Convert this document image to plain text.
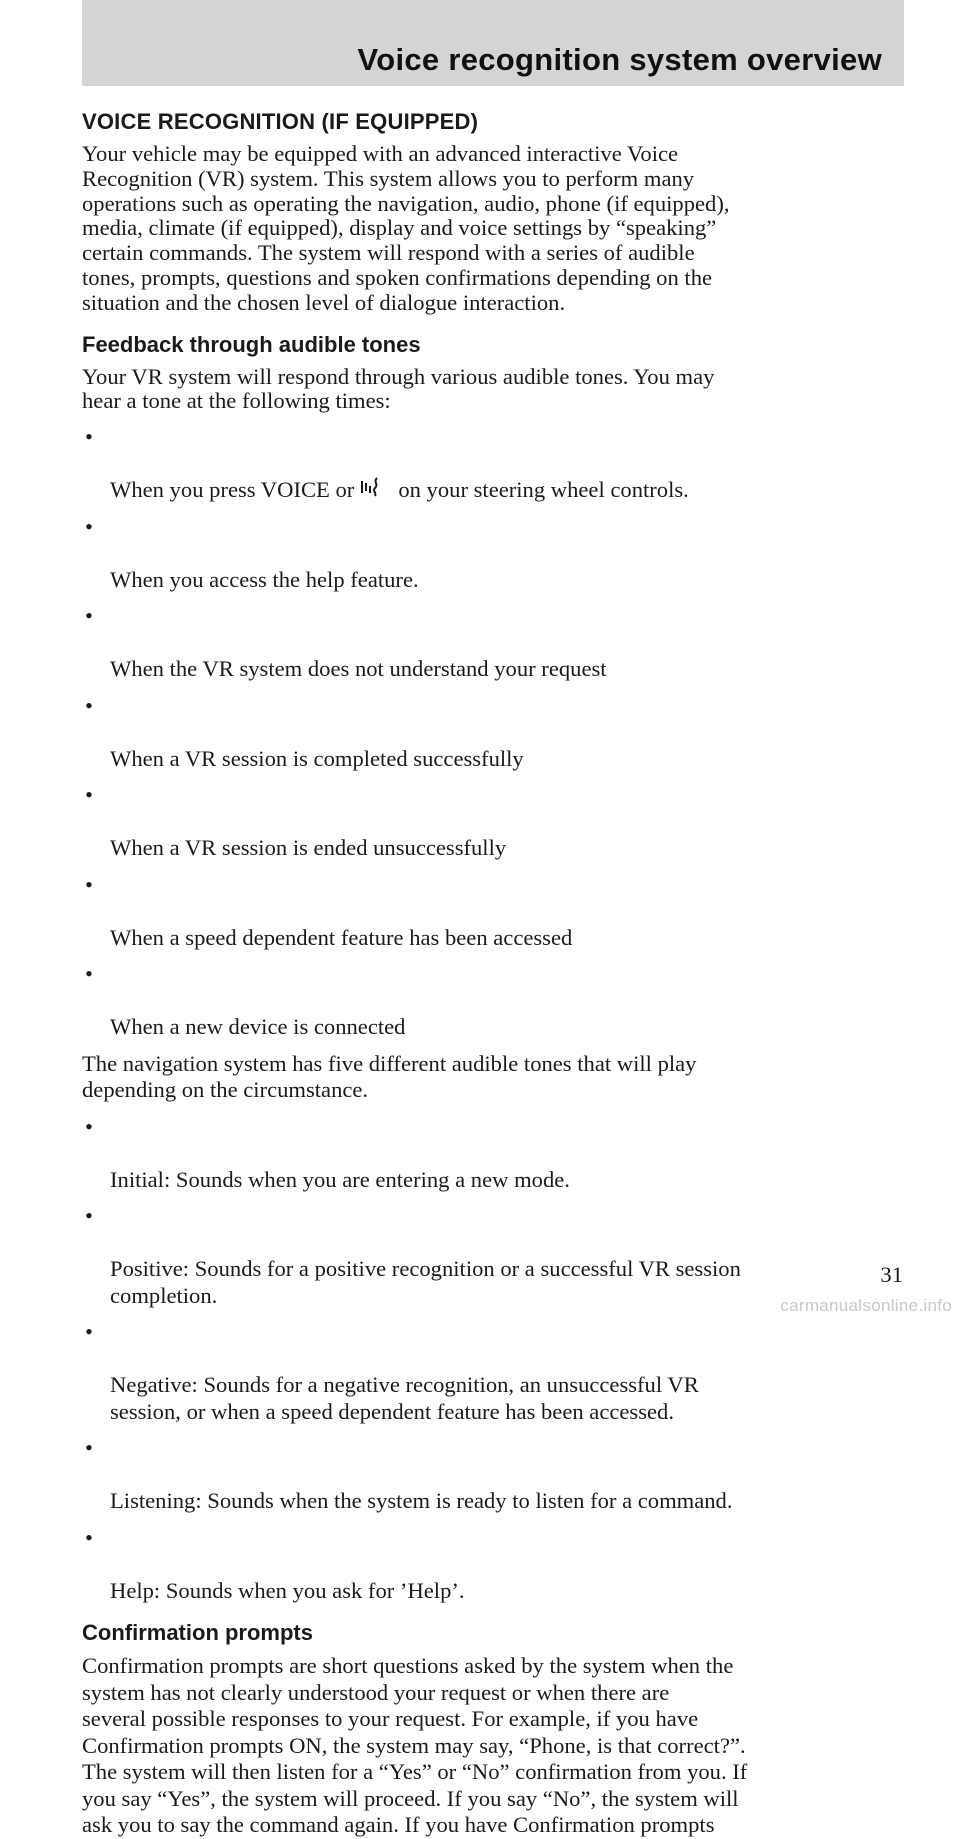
Voice recognition system overview
VOICE RECOGNITION (IF EQUIPPED)

Your vehicle may be equipped with an advanced interactive Voice
Recognition (VR) system. This system allows you to perform many
operations such as operating the navigation, audio, phone (if equipped),
media, climate (if equipped), display and voice settings by “speaking”
certain commands. The system will respond with a series of audible
tones, prompts, questions and spoken confirmations depending on the
situation and the chosen level of dialogue interaction.

Feedback through audible tones

Your VR system will respond through various audible tones. You may
hear a tone at the following times:

•

When you press VOICE or on your steering wheel controls.

•

When you access the help feature.

•

When the VR system does not understand your request

•

When a VR session is completed successfully

•

When a VR session is ended unsuccessfully

•

When a speed dependent feature has been accessed

•

When a new device is connected

The navigation system has five different audible tones that will play
depending on the circumstance.

•

Initial: Sounds when you are entering a new mode.

•

Positive: Sounds for a positive recognition or a successful VR session
completion.

•

Negative: Sounds for a negative recognition, an unsuccessful VR
session, or when a speed dependent feature has been accessed.

•

Listening: Sounds when the system is ready to listen for a command.

•

Help: Sounds when you ask for ’Help’.

Confirmation prompts

Confirmation prompts are short questions asked by the system when the
system has not clearly understood your request or when there are
several possible responses to your request. For example, if you have
Confirmation prompts ON, the system may say, “Phone, is that correct?”.
The system will then listen for a “Yes” or “No” confirmation from you. If
you say “Yes”, the system will proceed. If you say “No”, the system will
ask you to say the command again. If you have Confirmation prompts

31
carmanualsonline.info
